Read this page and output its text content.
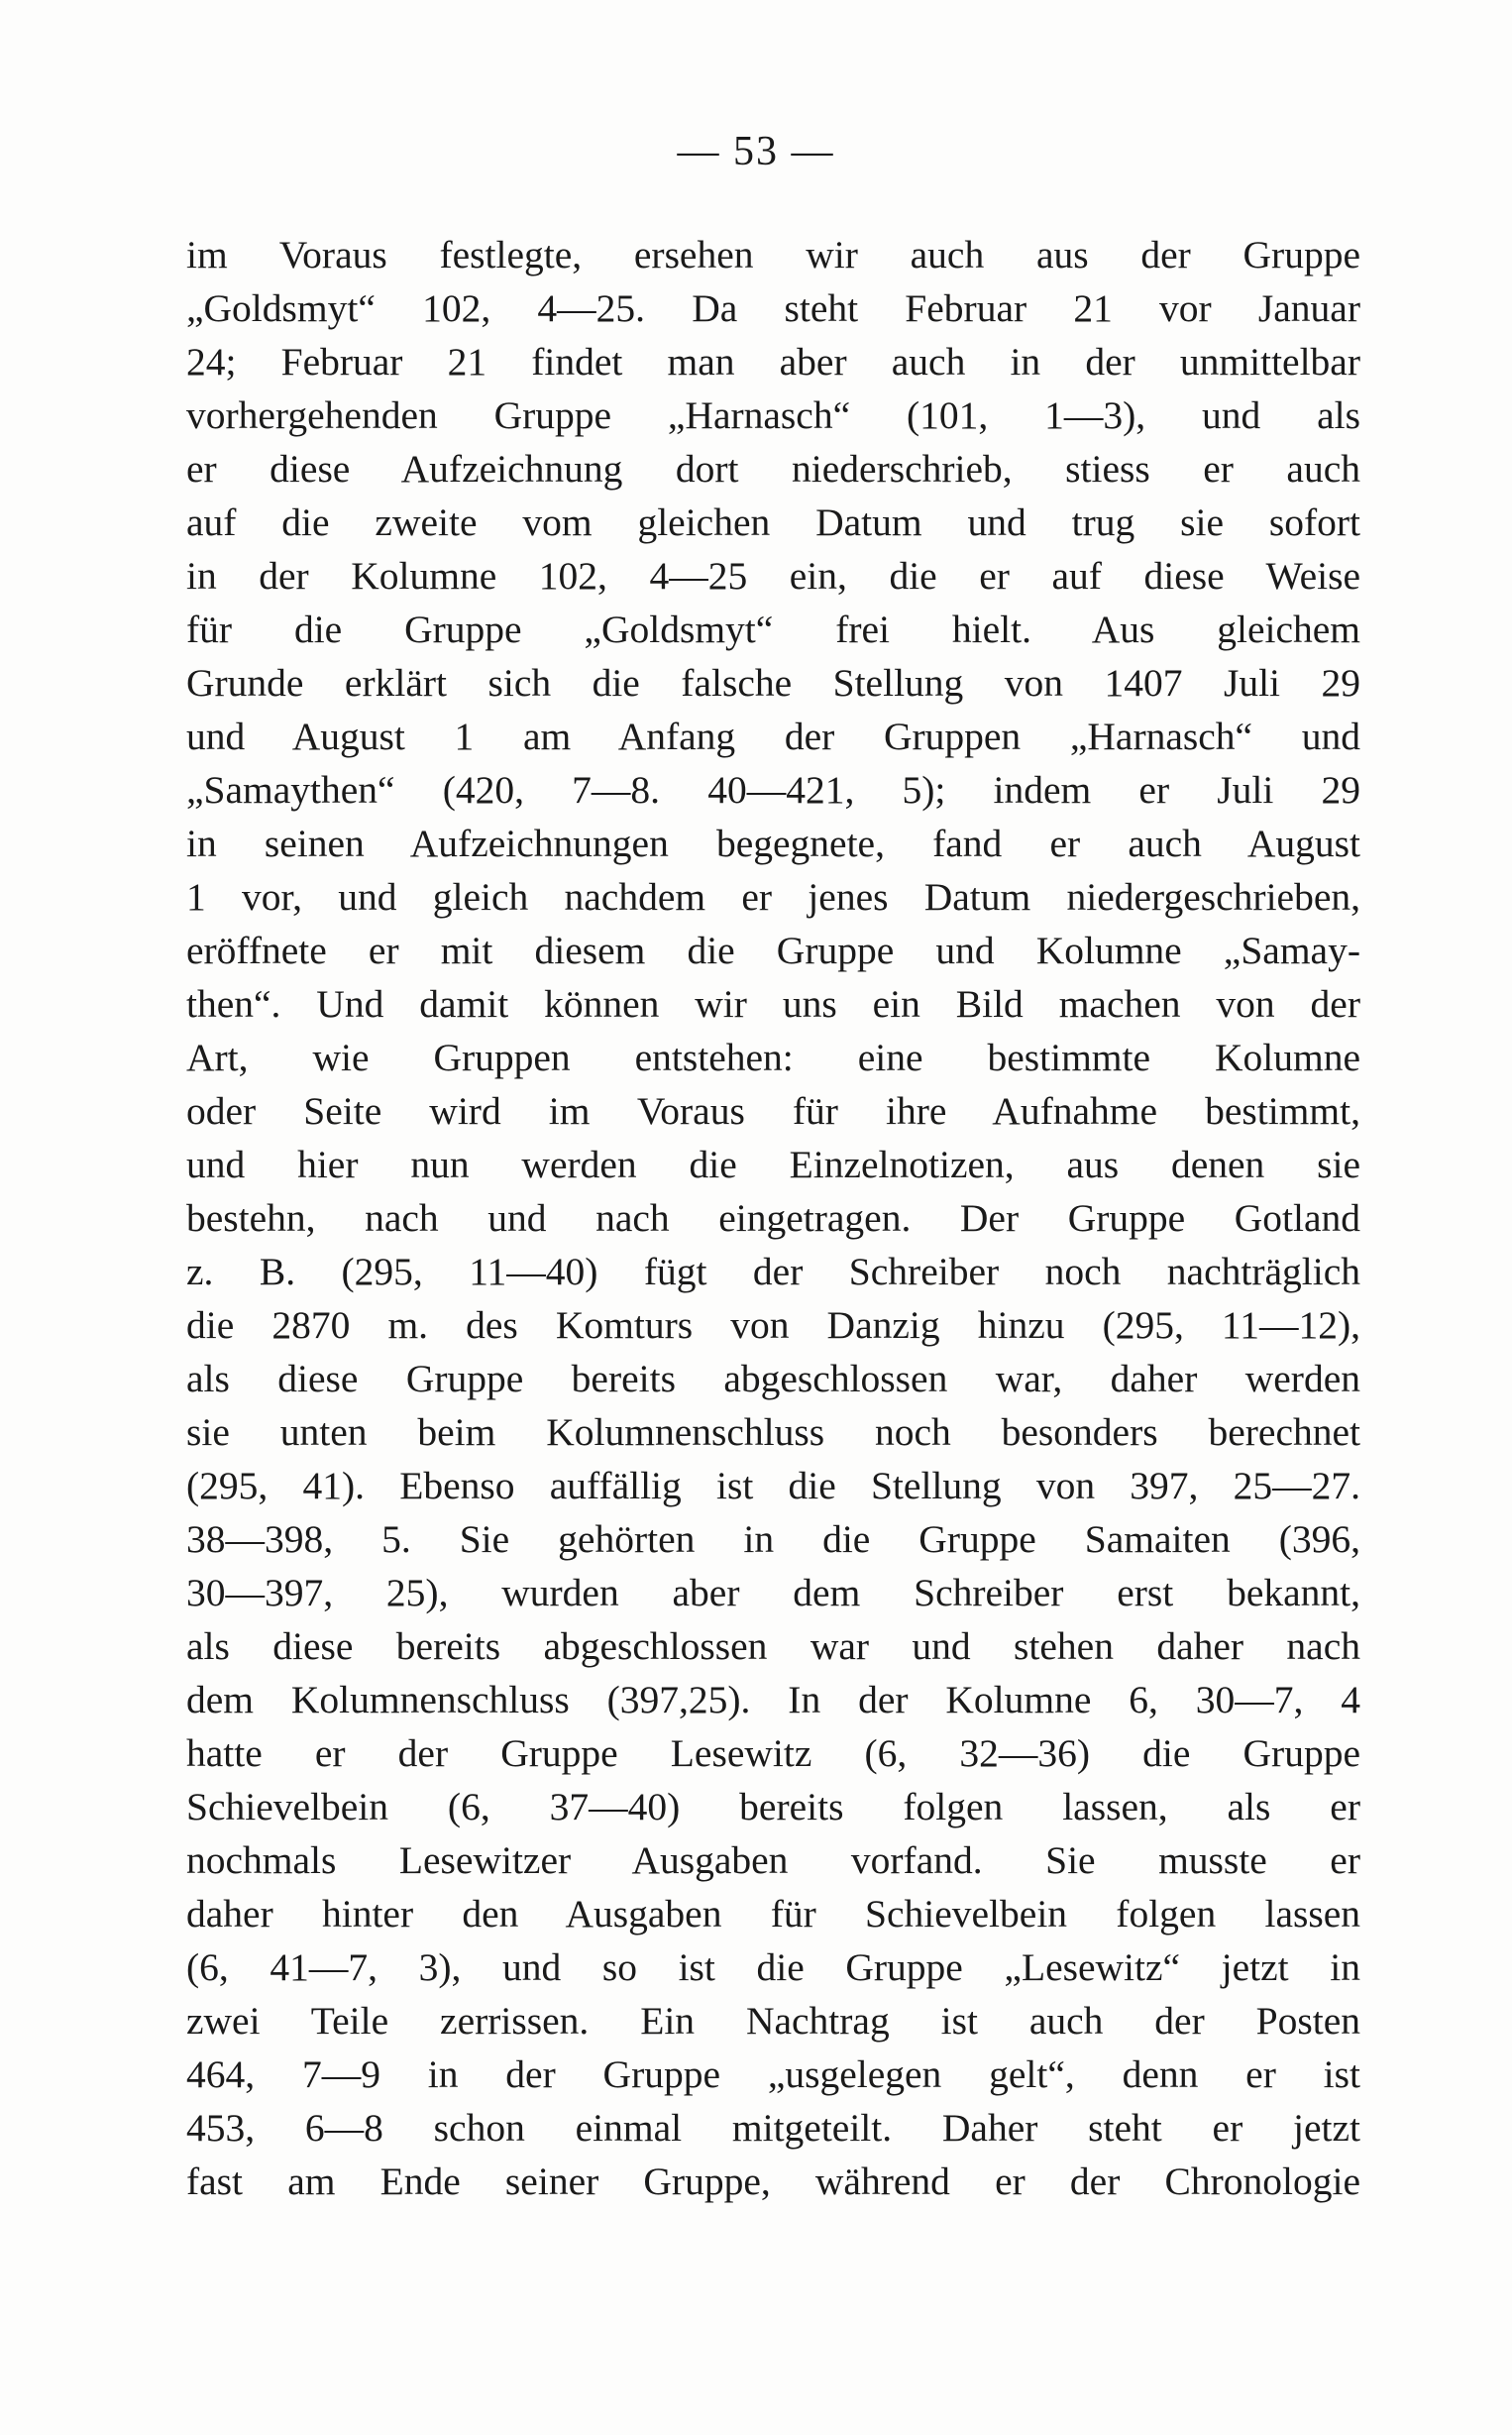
— 53 —
im Voraus festlegte, ersehen wir auch aus der Gruppe
„Goldsmyt“ 102, 4—25. Da steht Februar 21 vor Januar
24; Februar 21 findet man aber auch in der unmittelbar
vorhergehenden Gruppe „Harnasch“ (101, 1—3), und als
er diese Aufzeichnung dort niederschrieb, stiess er auch
auf die zweite vom gleichen Datum und trug sie sofort
in der Kolumne 102, 4—25 ein, die er auf diese Weise
für die Gruppe „Goldsmyt“ frei hielt. Aus gleichem
Grunde erklärt sich die falsche Stellung von 1407 Juli 29
und August 1 am Anfang der Gruppen „Harnasch“ und
„Samaythen“ (420, 7—8. 40—421, 5); indem er Juli 29
in seinen Aufzeichnungen begegnete, fand er auch August
1 vor, und gleich nachdem er jenes Datum niedergeschrieben,
eröffnete er mit diesem die Gruppe und Kolumne „Samay-
then“. Und damit können wir uns ein Bild machen von der
Art, wie Gruppen entstehen: eine bestimmte Kolumne
oder Seite wird im Voraus für ihre Aufnahme bestimmt,
und hier nun werden die Einzelnotizen, aus denen sie
bestehn, nach und nach eingetragen. Der Gruppe Gotland
z. B. (295, 11—40) fügt der Schreiber noch nachträglich
die 2870 m. des Komturs von Danzig hinzu (295, 11—12),
als diese Gruppe bereits abgeschlossen war, daher werden
sie unten beim Kolumnenschluss noch besonders berechnet
(295, 41). Ebenso auffällig ist die Stellung von 397, 25—27.
38—398, 5. Sie gehörten in die Gruppe Samaiten (396,
30—397, 25), wurden aber dem Schreiber erst bekannt,
als diese bereits abgeschlossen war und stehen daher nach
dem Kolumnenschluss (397,25). In der Kolumne 6, 30—7, 4
hatte er der Gruppe Lesewitz (6, 32—36) die Gruppe
Schievelbein (6, 37—40) bereits folgen lassen, als er
nochmals Lesewitzer Ausgaben vorfand. Sie musste er
daher hinter den Ausgaben für Schievelbein folgen lassen
(6, 41—7, 3), und so ist die Gruppe „Lesewitz“ jetzt in
zwei Teile zerrissen. Ein Nachtrag ist auch der Posten
464, 7—9 in der Gruppe „usgelegen gelt“, denn er ist
453, 6—8 schon einmal mitgeteilt. Daher steht er jetzt
fast am Ende seiner Gruppe, während er der Chronologie
